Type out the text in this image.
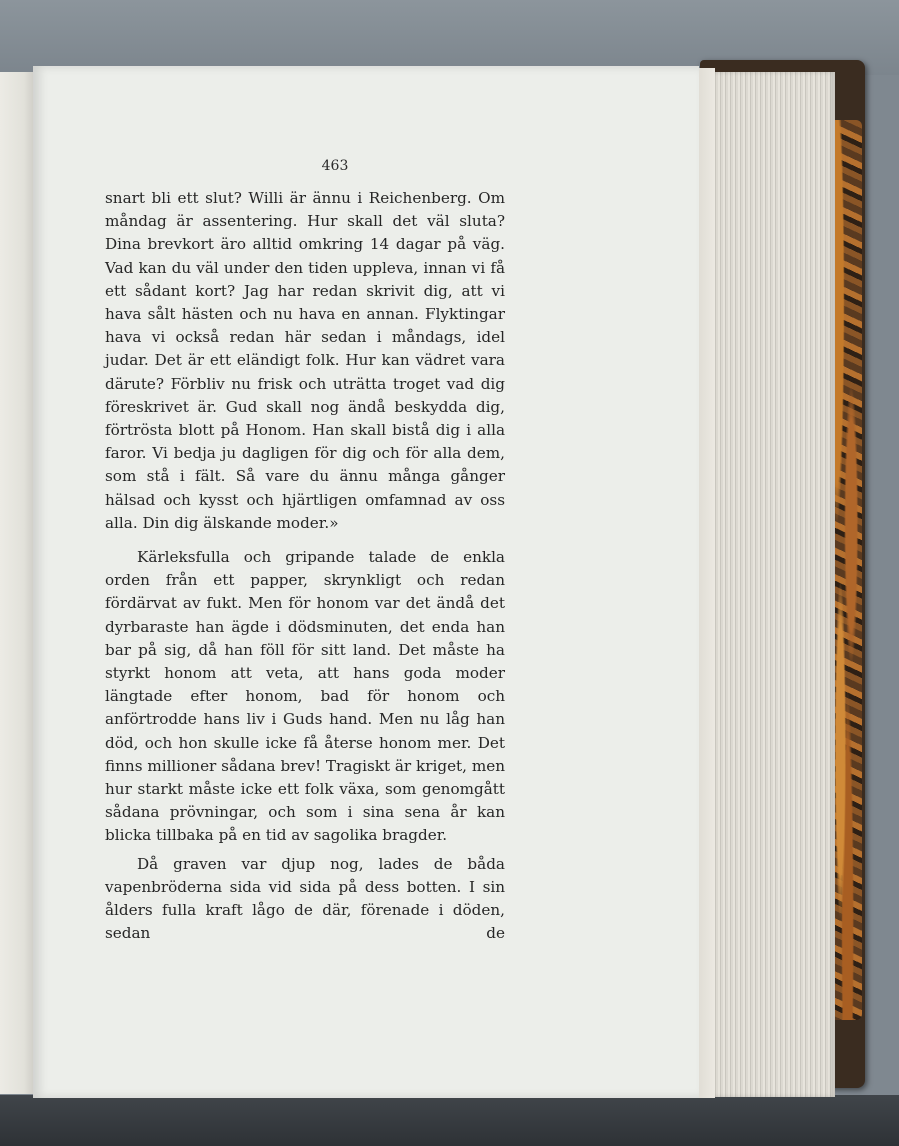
463

snart bli ett slut? Willi är ännu i Reichenberg. Om måndag är assentering. Hur skall det väl sluta? Dina brevkort äro alltid omkring 14 dagar på väg. Vad kan du väl under den tiden uppleva, innan vi få ett sådant kort? Jag har redan skrivit dig, att vi hava sålt hästen och nu hava en annan. Flyktingar hava vi också redan här sedan i måndags, idel judar. Det är ett eländigt folk. Hur kan vädret vara därute? Förbliv nu frisk och uträtta troget vad dig föreskrivet är. Gud skall nog ändå beskydda dig, förtrösta blott på Honom. Han skall bistå dig i alla faror. Vi bedja ju dagligen för dig och för alla dem, som stå i fält. Så vare du ännu många gånger hälsad och kysst och hjärtligen omfamnad av oss alla. Din dig älskande moder.»

Kärleksfulla och gripande talade de enkla orden från ett papper, skrynkligt och redan fördärvat av fukt. Men för honom var det ändå det dyrbaraste han ägde i dödsminuten, det enda han bar på sig, då han föll för sitt land. Det måste ha styrkt honom att veta, att hans goda moder längtade efter honom, bad för honom och anförtrodde hans liv i Guds hand. Men nu låg han död, och hon skulle icke få återse honom mer. Det finns millioner sådana brev! Tragiskt är kriget, men hur starkt måste icke ett folk växa, som genomgått sådana prövningar, och som i sina sena år kan blicka tillbaka på en tid av sagolika bragder.

Då graven var djup nog, lades de båda vapenbröderna sida vid sida på dess botten. I sin ålders fulla kraft lågo de där, förenade i döden, sedan de
